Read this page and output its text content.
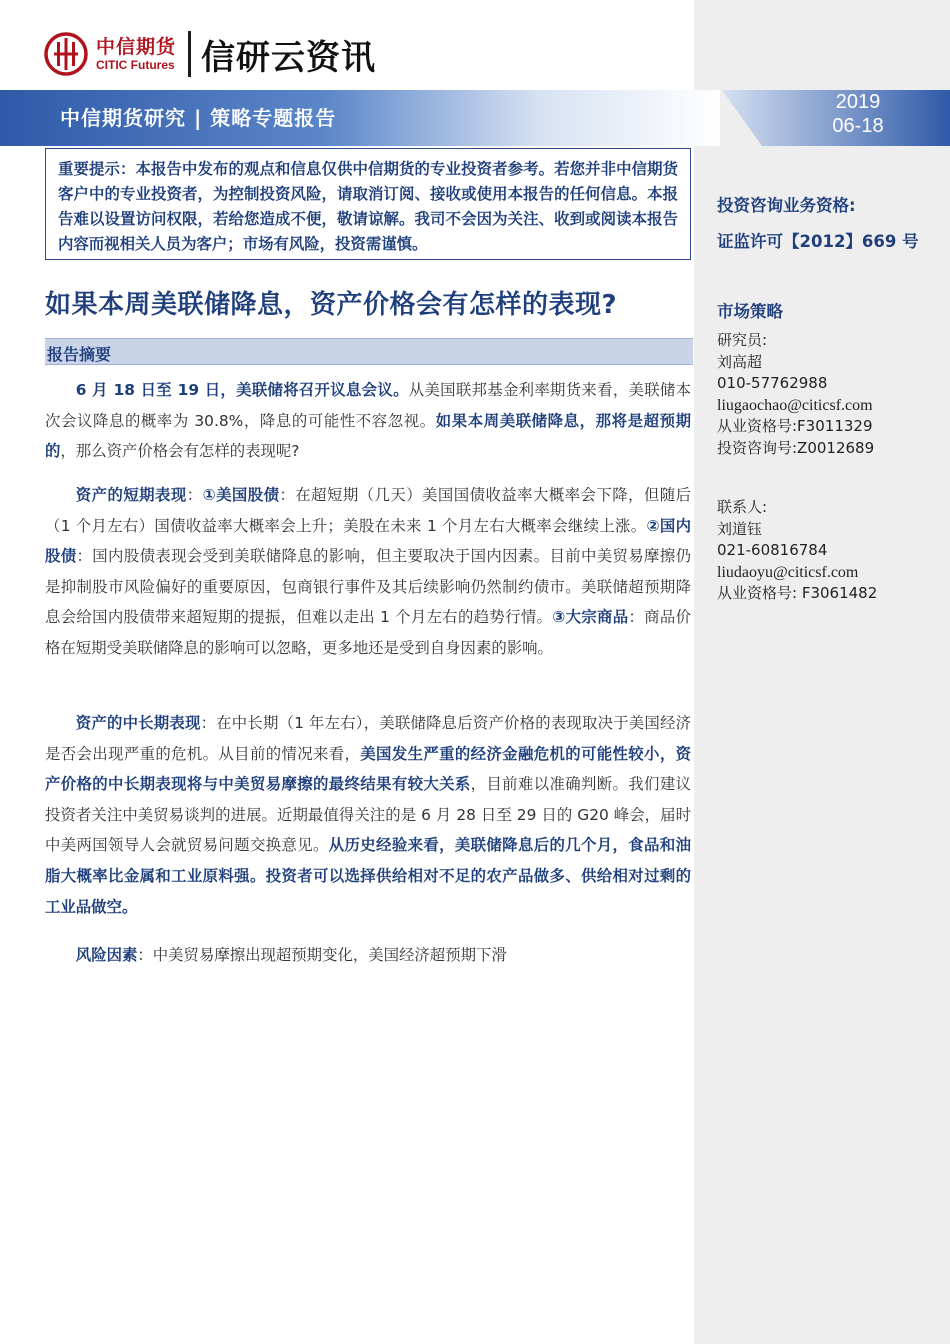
中信期货
CITIC Futures 信研云资讯
中信期货研究 | 策略专题报告
2019
06-18

重要提示：本报告中发布的观点和信息仅供中信期货的专业投资者参考。若您并非中信期货客户中的专业投资者，为控制投资风险，请取消订阅、接收或使用本报告的任何信息。本报告难以设置访问权限，若给您造成不便，敬请谅解。我司不会因为关注、收到或阅读本报告内容而视相关人员为客户；市场有风险，投资需谨慎。

如果本周美联储降息，资产价格会有怎样的表现?
报告摘要
6 月 18 日至 19 日，美联储将召开议息会议。从美国联邦基金利率期货来看，美联储本次会议降息的概率为 30.8%，降息的可能性不容忽视。如果本周美联储降息，那将是超预期的，那么资产价格会有怎样的表现呢?
资产的短期表现：①美国股债：在超短期（几天）美国国债收益率大概率会下降，但随后（1 个月左右）国债收益率大概率会上升；美股在未来 1 个月左右大概率会继续上涨。②国内股债：国内股债表现会受到美联储降息的影响，但主要取决于国内因素。目前中美贸易摩擦仍是抑制股市风险偏好的重要原因，包商银行事件及其后续影响仍然制约债市。美联储超预期降息会给国内股债带来超短期的提振，但难以走出 1 个月左右的趋势行情。③大宗商品：商品价格在短期受美联储降息的影响可以忽略，更多地还是受到自身因素的影响。
资产的中长期表现：在中长期（1 年左右），美联储降息后资产价格的表现取决于美国经济是否会出现严重的危机。从目前的情况来看，美国发生严重的经济金融危机的可能性较小，资产价格的中长期表现将与中美贸易摩擦的最终结果有较大关系，目前难以准确判断。我们建议投资者关注中美贸易谈判的进展。近期最值得关注的是 6 月 28 日至 29 日的 G20 峰会，届时中美两国领导人会就贸易问题交换意见。从历史经验来看，美联储降息后的几个月，食品和油脂大概率比金属和工业原料强。投资者可以选择供给相对不足的农产品做多、供给相对过剩的工业品做空。
风险因素：中美贸易摩擦出现超预期变化，美国经济超预期下滑
投资咨询业务资格:
证监许可【2012】669 号
市场策略
研究员:
刘高超
010-57762988
liugaochao@citicsf.com
从业资格号:F3011329
投资咨询号:Z0012689
联系人:
刘道钰
021-60816784
liudaoyu@citicsf.com
从业资格号: F3061482
